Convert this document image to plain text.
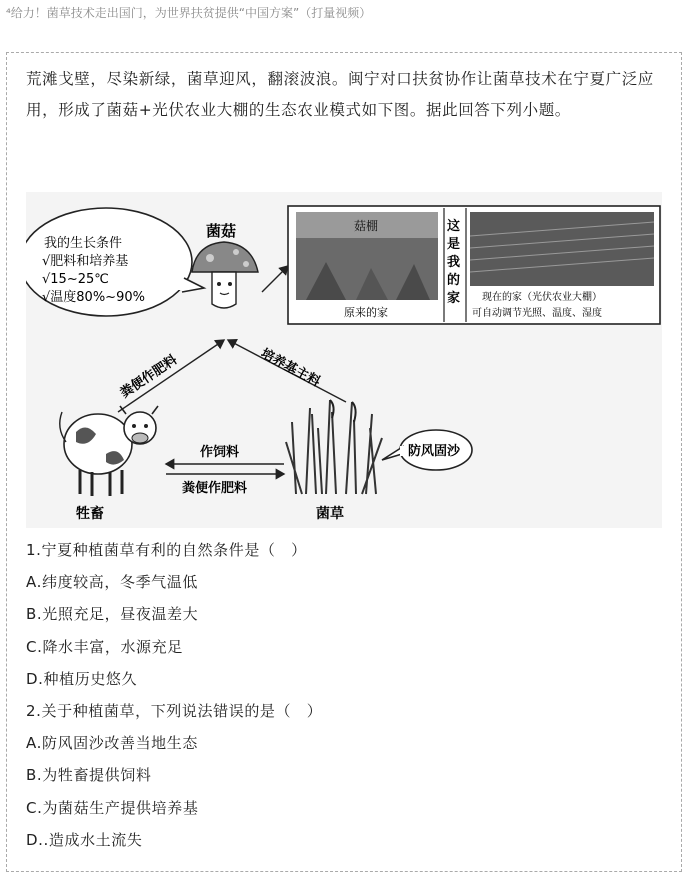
⁴给力！菌草技术走出国门，为世界扶贫提供“中国方案”（打量视频）
荒滩戈壁，尽染新绿，菌草迎风，翻滚波浪。闽宁对口扶贫协作让菌草技术在宁夏广泛应用，形成了菌菇+光伏农业大棚的生态农业模式如下图。据此回答下列小题。
我的生长条件
√肥料和培养基
√15~25℃
√温度80%~90%
菌菇	菇棚
原来的家
这
是
我
的
家 现在的家（光伏农业大棚）
可自动调节光照、温度、湿度
粪便作肥料	培养基主料
牲畜
作饲料
粪便作肥料
菌草
防风固沙
1.宁夏种植菌草有利的自然条件是（　）
A.纬度较高，冬季气温低
B.光照充足，昼夜温差大
C.降水丰富，水源充足
D.种植历史悠久
2.关于种植菌草，下列说法错误的是（　）
A.防风固沙改善当地生态
B.为牲畜提供饲料
C.为菌菇生产提供培养基
D..造成水土流失
